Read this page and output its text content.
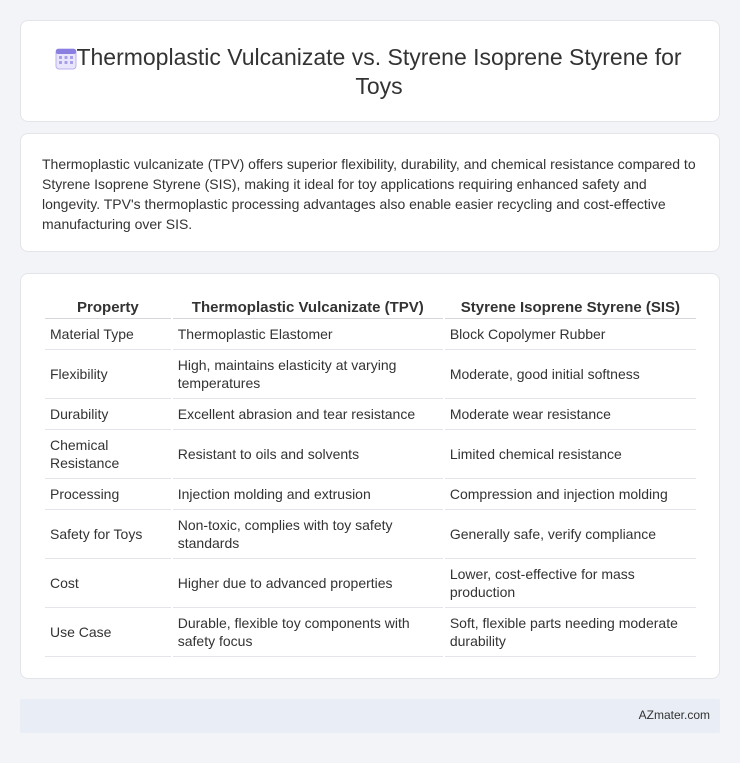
Thermoplastic Vulcanizate vs. Styrene Isoprene Styrene for Toys

Thermoplastic vulcanizate (TPV) offers superior flexibility, durability, and chemical resistance compared to Styrene Isoprene Styrene (SIS), making it ideal for toy applications requiring enhanced safety and longevity. TPV's thermoplastic processing advantages also enable easier recycling and cost-effective manufacturing over SIS.

Property	Thermoplastic Vulcanizate (TPV)	Styrene Isoprene Styrene (SIS)
Material Type	Thermoplastic Elastomer	Block Copolymer Rubber
Flexibility	High, maintains elasticity at varying temperatures	Moderate, good initial softness
Durability	Excellent abrasion and tear resistance	Moderate wear resistance
Chemical Resistance	Resistant to oils and solvents	Limited chemical resistance
Processing	Injection molding and extrusion	Compression and injection molding
Safety for Toys	Non-toxic, complies with toy safety standards	Generally safe, verify compliance
Cost	Higher due to advanced properties	Lower, cost-effective for mass production
Use Case	Durable, flexible toy components with safety focus	Soft, flexible parts needing moderate durability
AZmater.com
